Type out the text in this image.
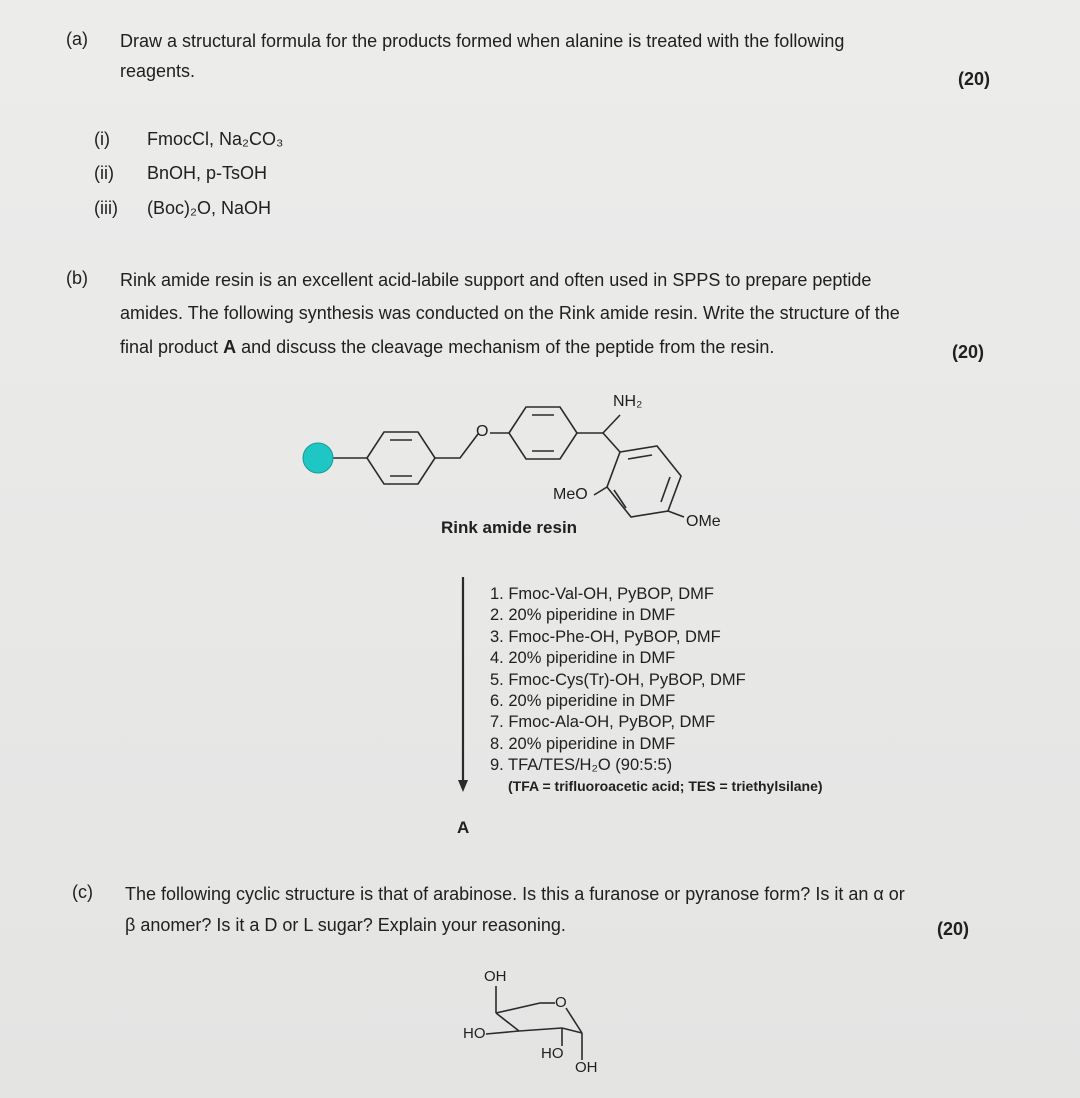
(a) Draw a structural formula for the products formed when alanine is treated with the following
reagents.	(20)
(i) FmocCl, Na₂CO₃
(ii) BnOH, p-TsOH
(iii) (Boc)₂O, NaOH
(b) Rink amide resin is an excellent acid-labile support and often used in SPPS to prepare peptide
amides. The following synthesis was conducted on the Rink amide resin. Write the structure of the
final product A and discuss the cleavage mechanism of the peptide from the resin.	(20)
O
NH₂
MeO
OMe
Rink amide resin
1. Fmoc-Val-OH, PyBOP, DMF
2. 20% piperidine in DMF
3. Fmoc-Phe-OH, PyBOP, DMF
4. 20% piperidine in DMF
5. Fmoc-Cys(Tr)-OH, PyBOP, DMF
6. 20% piperidine in DMF
7. Fmoc-Ala-OH, PyBOP, DMF
8. 20% piperidine in DMF
9. TFA/TES/H₂O (90:5:5)
(TFA = trifluoroacetic acid; TES = triethylsilane)
A
(c) The following cyclic structure is that of arabinose. Is this a furanose or pyranose form? Is it an α or
β anomer? Is it a D or L sugar? Explain your reasoning.	(20)
OH
O
HO
HO
OH
